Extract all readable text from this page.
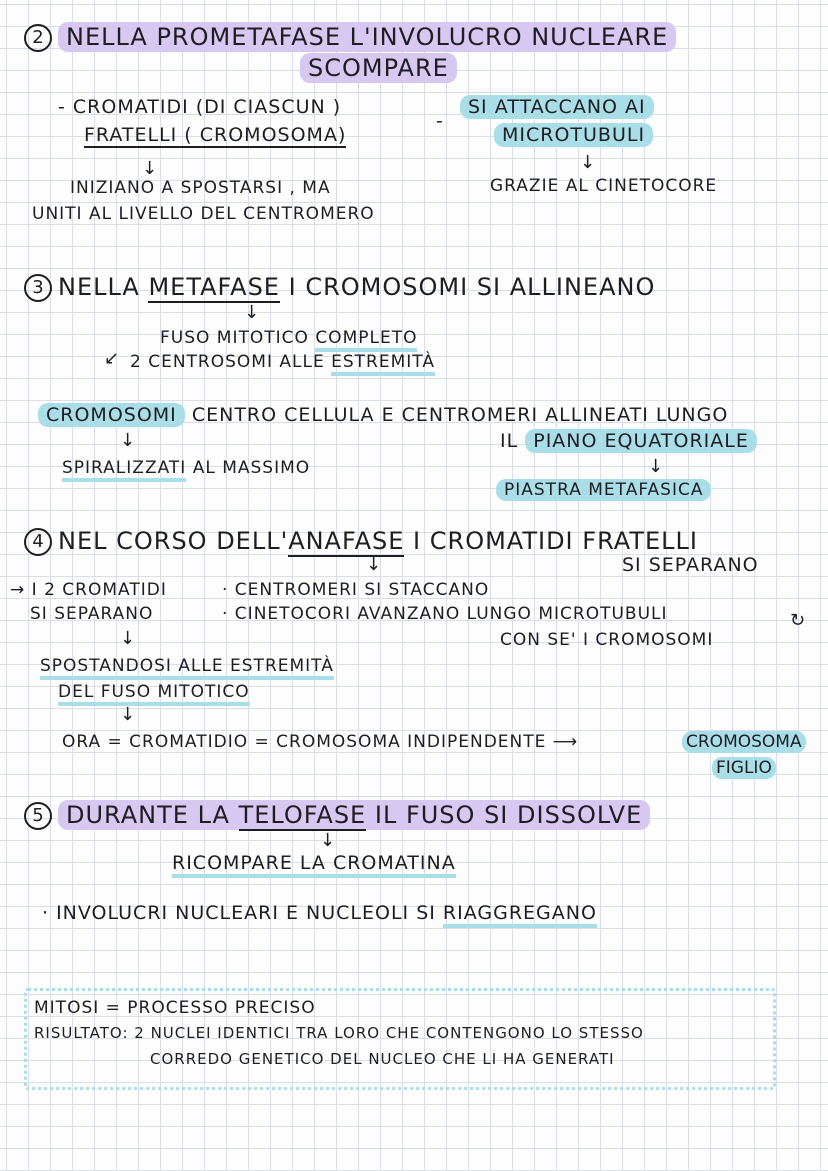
2 NELLA PROMETAFASE L'INVOLUCRO NUCLEARE
SCOMPARE
- CROMATIDI (DI CIASCUN )
FRATELLI ( CROMOSOMA)
-
SI ATTACCANO AI
MICROTUBULI
↓
↓
INIZIANO A SPOSTARSI , MA
UNITI AL LIVELLO DEL CENTROMERO
GRAZIE AL CINETOCORE
3 NELLA METAFASE I CROMOSOMI SI ALLINEANO
↓
FUSO MITOTICO COMPLETO
↙ 2 CENTROSOMI ALLE ESTREMITÀ
CROMOSOMI CENTRO CELLULA E CENTROMERI ALLINEATI LUNGO
IL PIANO EQUATORIALE
↓
SPIRALIZZATI AL MASSIMO	↓
PIASTRA METAFASICA
4 NEL CORSO DELL'ANAFASE I CROMATIDI FRATELLI
SI SEPARANO
↓
→ I 2 CROMATIDI
SI SEPARANO
· CENTROMERI SI STACCANO
· CINETOCORI AVANZANO LUNGO MICROTUBULI	↻
CON SE' I CROMOSOMI
↓
SPOSTANDOSI ALLE ESTREMITÀ
DEL FUSO MITOTICO
↓
ORA = CROMATIDIO = CROMOSOMA INDIPENDENTE ⟶	CROMOSOMA
FIGLIO
5 DURANTE LA TELOFASE IL FUSO SI DISSOLVE
↓
RICOMPARE LA CROMATINA
· INVOLUCRI NUCLEARI E NUCLEOLI SI RIAGGREGANO
MITOSI = PROCESSO PRECISO
RISULTATO: 2 NUCLEI IDENTICI TRA LORO CHE CONTENGONO LO STESSO
CORREDO GENETICO DEL NUCLEO CHE LI HA GENERATI
